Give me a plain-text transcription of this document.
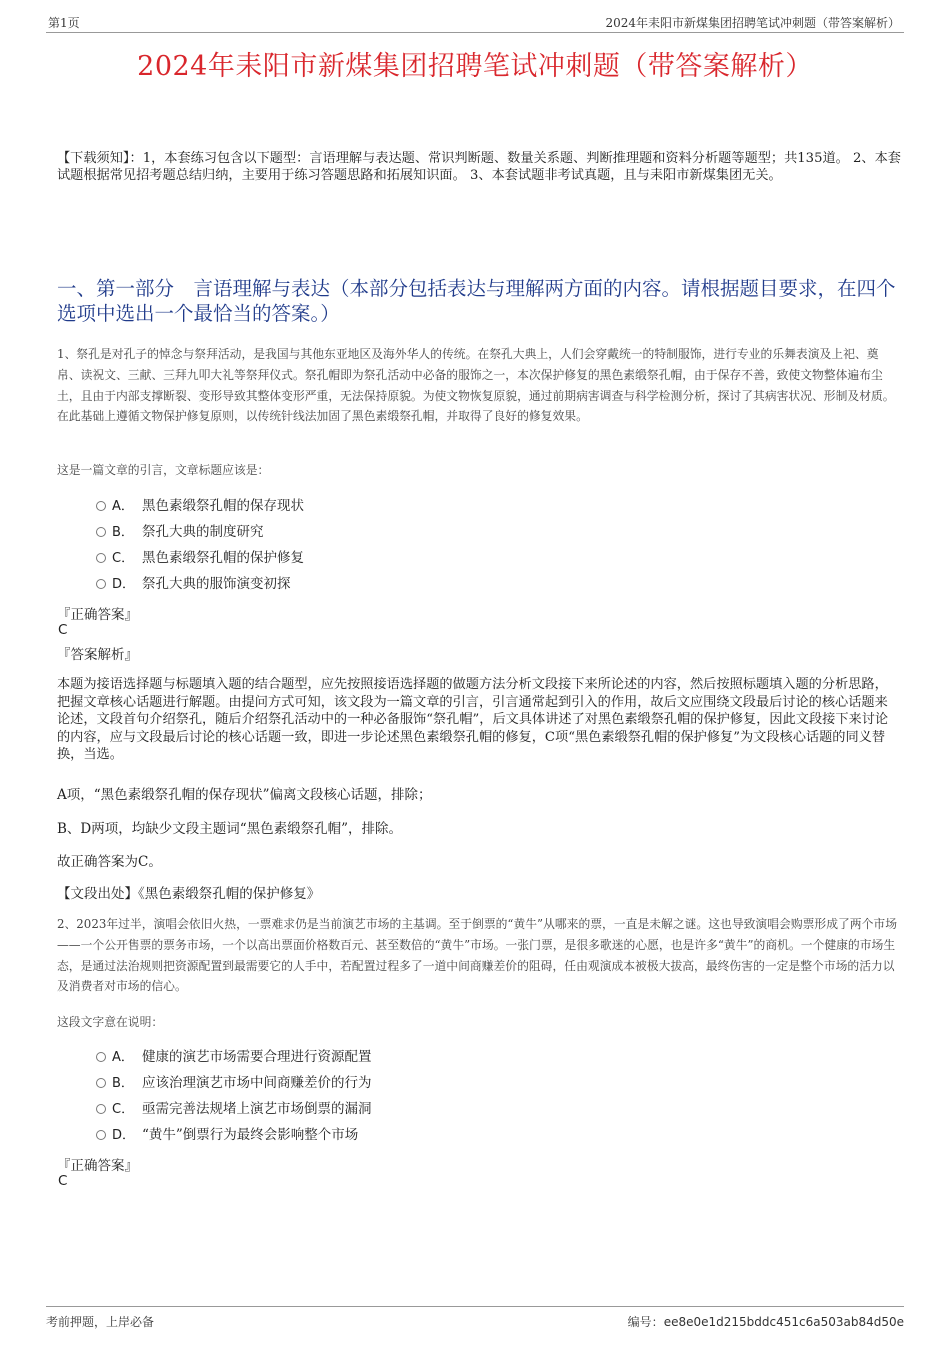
第1页	2024年耒阳市新煤集团招聘笔试冲刺题（带答案解析）
2024年耒阳市新煤集团招聘笔试冲刺题（带答案解析）
【下载须知】：1，本套练习包含以下题型：言语理解与表达题、常识判断题、数量关系题、判断推理题和资料分析题等题型；共135道。 2、本套试题根据常见招考题总结归纳，主要用于练习答题思路和拓展知识面。 3、本套试题非考试真题，且与耒阳市新煤集团无关。
一、第一部分　言语理解与表达（本部分包括表达与理解两方面的内容。请根据题目要求，在四个选项中选出一个最恰当的答案。）
1、祭孔是对孔子的悼念与祭拜活动，是我国与其他东亚地区及海外华人的传统。在祭孔大典上，人们会穿戴统一的特制服饰，进行专业的乐舞表演及上祀、奠帛、读祝文、三献、三拜九叩大礼等祭拜仪式。祭孔帽即为祭孔活动中必备的服饰之一，本次保护修复的黑色素缎祭孔帽，由于保存不善，致使文物整体遍布尘土，且由于内部支撑断裂、变形导致其整体变形严重，无法保持原貌。为使文物恢复原貌，通过前期病害调查与科学检测分析，探讨了其病害状况、形制及材质。在此基础上遵循文物保护修复原则，以传统针线法加固了黑色素缎祭孔帽，并取得了良好的修复效果。
这是一篇文章的引言，文章标题应该是：
A． 黑色素缎祭孔帽的保存现状
B． 祭孔大典的制度研究
C． 黑色素缎祭孔帽的保护修复
D． 祭孔大典的服饰演变初探
『正确答案』
C
『答案解析』
本题为接语选择题与标题填入题的结合题型，应先按照接语选择题的做题方法分析文段接下来所论述的内容，然后按照标题填入题的分析思路，把握文章核心话题进行解题。由提问方式可知，该文段为一篇文章的引言，引言通常起到引入的作用，故后文应围绕文段最后讨论的核心话题来论述，文段首句介绍祭孔，随后介绍祭孔活动中的一种必备服饰“祭孔帽”，后文具体讲述了对黑色素缎祭孔帽的保护修复，因此文段接下来讨论的内容，应与文段最后讨论的核心话题一致，即进一步论述黑色素缎祭孔帽的修复，C项“黑色素缎祭孔帽的保护修复”为文段核心话题的同义替换，当选。
A项，“黑色素缎祭孔帽的保存现状”偏离文段核心话题，排除；
B、D两项，均缺少文段主题词“黑色素缎祭孔帽”，排除。
故正确答案为C。
【文段出处】《黑色素缎祭孔帽的保护修复》
2、2023年过半，演唱会依旧火热，一票难求仍是当前演艺市场的主基调。至于倒票的“黄牛”从哪来的票，一直是未解之谜。这也导致演唱会购票形成了两个市场——一个公开售票的票务市场，一个以高出票面价格数百元、甚至数倍的“黄牛”市场。一张门票，是很多歌迷的心愿，也是许多“黄牛”的商机。一个健康的市场生态，是通过法治规则把资源配置到最需要它的人手中，若配置过程多了一道中间商赚差价的阻碍，任由观演成本被极大拔高，最终伤害的一定是整个市场的活力以及消费者对市场的信心。
这段文字意在说明：
A． 健康的演艺市场需要合理进行资源配置
B． 应该治理演艺市场中间商赚差价的行为
C． 亟需完善法规堵上演艺市场倒票的漏洞
D． “黄牛”倒票行为最终会影响整个市场
『正确答案』
C
考前押题，上岸必备	编号：ee8e0e1d215bddc451c6a503ab84d50e
